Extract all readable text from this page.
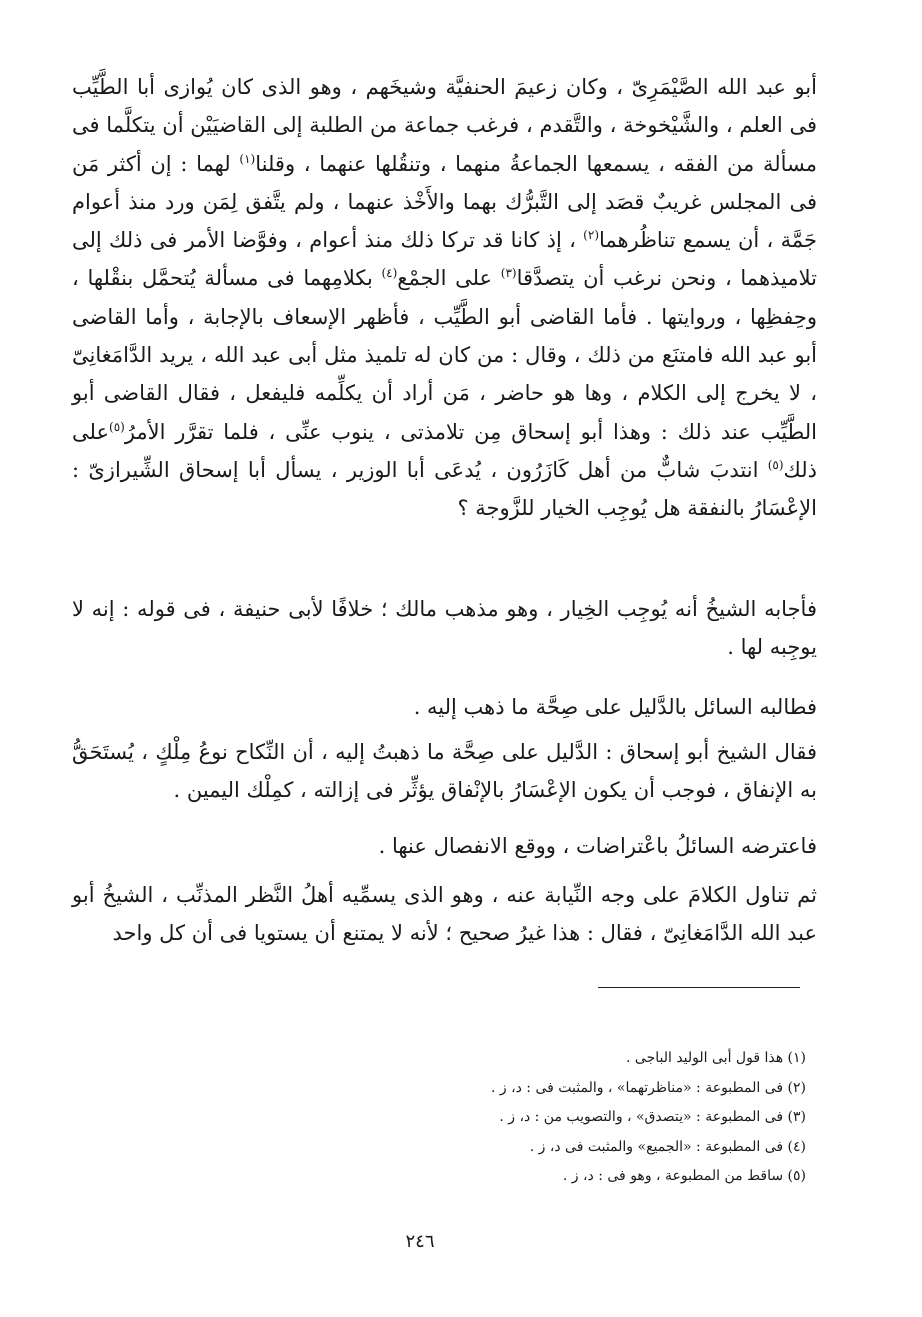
أبو عبد الله الصَّيْمَرِىّ ، وكان زعيمَ الحنفيَّة وشيخَهم ، وهو الذى كان يُوازى أبا الطَّيِّب فى العلم ، والشَّيْخوخة ، والتَّقدم ، فرغب جماعة من الطلبة إلى القاضيَيْن أن يتكلَّما فى مسألة من الفقه ، يسمعها الجماعةُ منهما ، وتنقُلها عنهما ، وقلنا$^{(١)}$ لهما : إن أكثر مَن فى المجلس غريبٌ قصَد إلى التَّبرُّك بهما والأَخْذ عنهما ، ولم يتَّفق لِمَن ورد منذ أعوام جَمَّة ، أن يسمع تناظُرهما$^{(٢)}$ ، إذ كانا قد تركا ذلك منذ أعوام ، وفوَّضا الأمر فى ذلك إلى تلاميذهما ، ونحن نرغب أن يتصدَّقا$^{(٣)}$ على الجمْع$^{(٤)}$ بكلامِهما فى مسألة يُتحمَّل بنقْلها ، وحِفظِها ، وروايتها . فأما القاضى أبو الطَّيِّب ، فأظهر الإسعاف بالإجابة ، وأما القاضى أبو عبد الله فامتنَع من ذلك ، وقال : من كان له تلميذ مثل أبى عبد الله ، يريد الدَّامَغانِىّ ، لا يخرج إلى الكلام ، وها هو حاضر ، مَن أراد أن يكلِّمه فليفعل ، فقال القاضى أبو الطَّيِّب عند ذلك : وهذا أبو إسحاق مِن تلامذتى ، ينوب عنِّى ، فلما تقرَّر الأمرُ$^{(٥)}$على ذلك$^{(٥)}$ انتدبَ شابٌّ من أهل كَازَرُون ، يُدعَى أبا الوزير ، يسأل أبا إسحاق الشِّيرازىّ : الإعْسَارُ بالنفقة هل يُوجِب الخيار للزَّوجة ؟

فأجابه الشيخُ أنه يُوجِب الخِيار ، وهو مذهب مالك ؛ خلافًا لأبى حنيفة ، فى قوله : إنه لا يوجِبه لها .

فطالبه السائل بالدَّليل على صِحَّة ما ذهب إليه .

فقال الشيخ أبو إسحاق : الدَّليل على صِحَّة ما ذهبتُ إليه ، أن النِّكاح نوعُ مِلْكٍ ، يُستَحَقُّ به الإنفاق ، فوجب أن يكون الإعْسَارُ بالإنْفاق يؤثِّر فى إزالته ، كمِلْك اليمين .

فاعترضه السائلُ باعْتراضات ، ووقع الانفصال عنها .

ثم تناول الكلامَ على وجه النِّيابة عنه ، وهو الذى يسمِّيه أهلُ النَّظر المذنِّب ، الشيخُ أبو عبد الله الدَّامَغانِىّ ، فقال : هذا غيرُ صحيح ؛ لأنه لا يمتنع أن يستويا فى أن كل واحد

(١) هذا قول أبى الوليد الباجى .
(٢) فى المطبوعة : «مناظرتهما» ، والمثبت فى : د، ز .
(٣) فى المطبوعة : «يتصدق» ، والتصويب من : د، ز .
(٤) فى المطبوعة : «الجميع» والمثبت فى د، ز .
(٥) ساقط من المطبوعة ، وهو فى : د، ز .
٢٤٦
